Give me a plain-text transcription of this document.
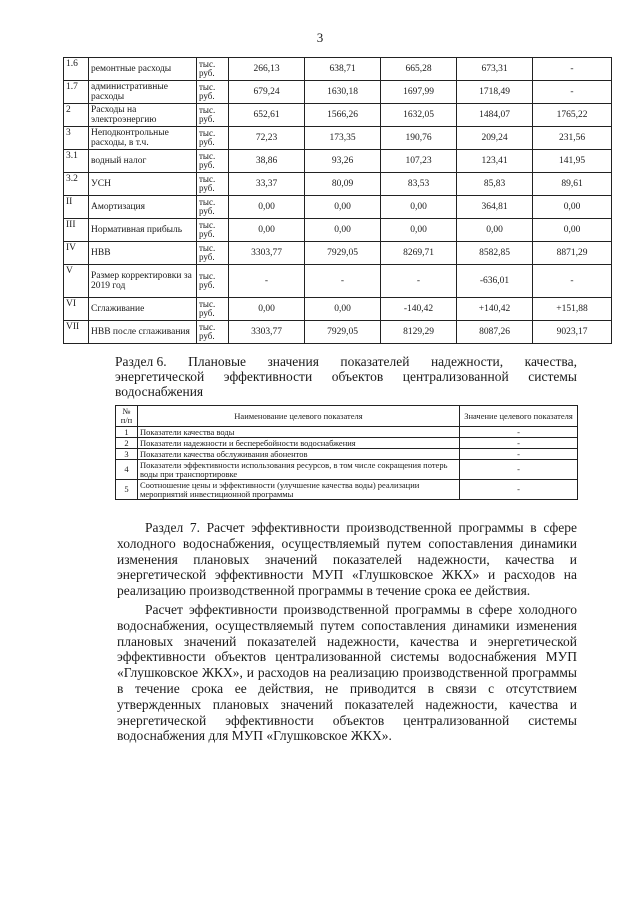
3
1.6	ремонтные расходы	тыс. руб.	266,13	638,71	665,28	673,31	-
1.7	административные расходы	тыс. руб.	679,24	1630,18	1697,99	1718,49	-
2	Расходы на электроэнергию	тыс. руб.	652,61	1566,26	1632,05	1484,07	1765,22
3	Неподконтрольные расходы, в т.ч.	тыс. руб.	72,23	173,35	190,76	209,24	231,56
3.1	водный налог	тыс. руб.	38,86	93,26	107,23	123,41	141,95
3.2	УСН	тыс. руб.	33,37	80,09	83,53	85,83	89,61
II	Амортизация	тыс. руб.	0,00	0,00	0,00	364,81	0,00
III	Нормативная прибыль	тыс. руб.	0,00	0,00	0,00	0,00	0,00
IV	НВВ	тыс. руб.	3303,77	7929,05	8269,71	8582,85	8871,29
V	Размер корректировки за 2019 год	тыс. руб.	-	-	-	-636,01	-
VI	Сглаживание	тыс. руб.	0,00	0,00	-140,42	+140,42	+151,88
VII	НВВ после сглаживания	тыс. руб.	3303,77	7929,05	8129,29	8087,26	9023,17
Раздел 6. Плановые значения показателей надежности, качества,
энергетической эффективности объектов централизованной системы
водоснабжения
№ п/п	Наименование целевого показателя	Значение целевого показателя
1	Показатели качества воды	-
2	Показатели надежности и бесперебойности водоснабжения	-
3	Показатели качества обслуживания абонентов	-
4	Показатели эффективности использования ресурсов, в том числе сокращения потерь воды при транспортировке	-
5	Соотношение цены и эффективности (улучшение качества воды) реализации мероприятий инвестиционной программы	-
Раздел 7. Расчет эффективности производственной программы в сфере холодного водоснабжения, осуществляемый путем сопоставления динамики изменения плановых значений показателей надежности, качества и энергетической эффективности МУП «Глушковское ЖКХ» и расходов на реализацию производственной программы в течение срока ее действия.
Расчет эффективности производственной программы в сфере холодного водоснабжения, осуществляемый путем сопоставления динамики изменения плановых значений показателей надежности, качества и энергетической эффективности объектов централизованной системы водоснабжения МУП «Глушковское ЖКХ», и расходов на реализацию производственной программы в течение срока ее действия, не приводится в связи с отсутствием утвержденных плановых значений показателей надежности, качества и энергетической эффективности объектов централизованной системы водоснабжения для МУП «Глушковское ЖКХ».
